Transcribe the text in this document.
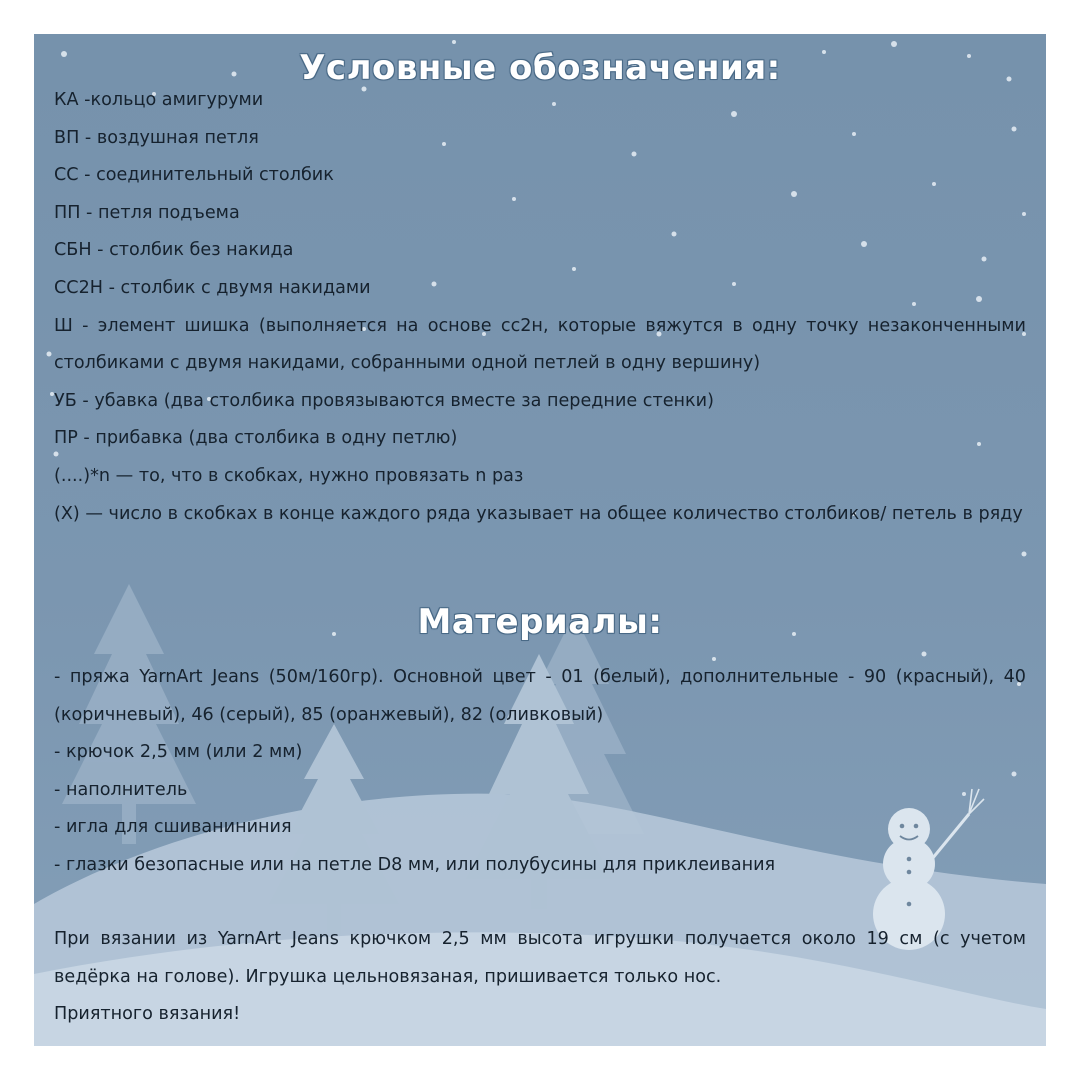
Условные обозначения:

КА -кольцо амигуруми

ВП - воздушная петля

СС - соединительный столбик

ПП - петля подъема

СБН - столбик без накида

СС2Н - столбик с двумя накидами

Ш - элемент шишка (выполняется на основе сс2н, которые вяжутся в одну точку незаконченными столбиками с двумя накидами, собранными одной петлей в одну вершину)

УБ - убавка (два столбика провязываются вместе за передние стенки)

ПР - прибавка (два столбика в одну петлю)

(....)*n — то, что в скобках, нужно провязать n раз

(X) — число в скобках в конце каждого ряда указывает на общее количество столбиков/ петель в ряду

Материалы:

- пряжа YarnArt Jeans (50м/160гр). Основной цвет - 01 (белый), дополнительные - 90 (красный), 40 (коричневый), 46 (серый), 85 (оранжевый), 82 (оливковый)

- крючок 2,5 мм (или 2 мм)

- наполнитель

- игла для сшиванининия

- глазки безопасные или на петле D8 мм, или полубусины для приклеивания

При вязании из YarnArt Jeans крючком 2,5 мм высота игрушки получается около 19 см (с учетом ведёрка на голове). Игрушка цельновязаная, пришивается только нос.

Приятного вязания!
